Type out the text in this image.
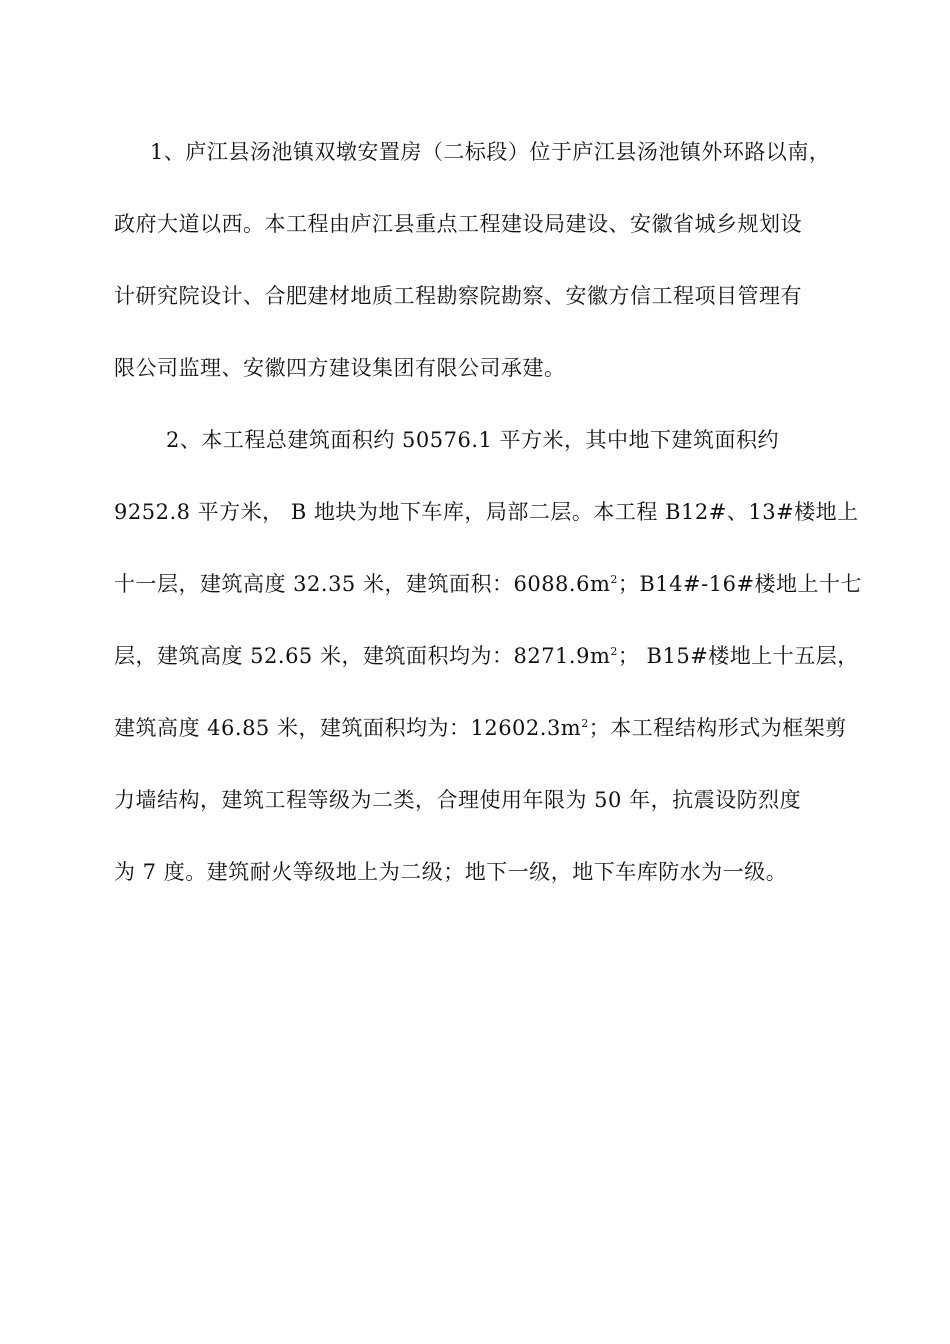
1、庐江县汤池镇双墩安置房（二标段）位于庐江县汤池镇外环路以南，
政府大道以西。本工程由庐江县重点工程建设局建设、安徽省城乡规划设
计研究院设计、合肥建材地质工程勘察院勘察、安徽方信工程项目管理有
限公司监理、安徽四方建设集团有限公司承建。
2、本工程总建筑面积约 50576.1 平方米，其中地下建筑面积约
9252.8 平方米， B 地块为地下车库，局部二层。本工程 B12#、13#楼地上
十一层，建筑高度 32.35 米，建筑面积：$6088.6m^2$；B14#-16#楼地上十七
层，建筑高度 52.65 米，建筑面积均为：$8271.9m^2$； B15#楼地上十五层，
建筑高度 46.85 米，建筑面积均为：$12602.3m^2$；本工程结构形式为框架剪
力墙结构，建筑工程等级为二类，合理使用年限为 50 年，抗震设防烈度
为 7 度。建筑耐火等级地上为二级；地下一级，地下车库防水为一级。
